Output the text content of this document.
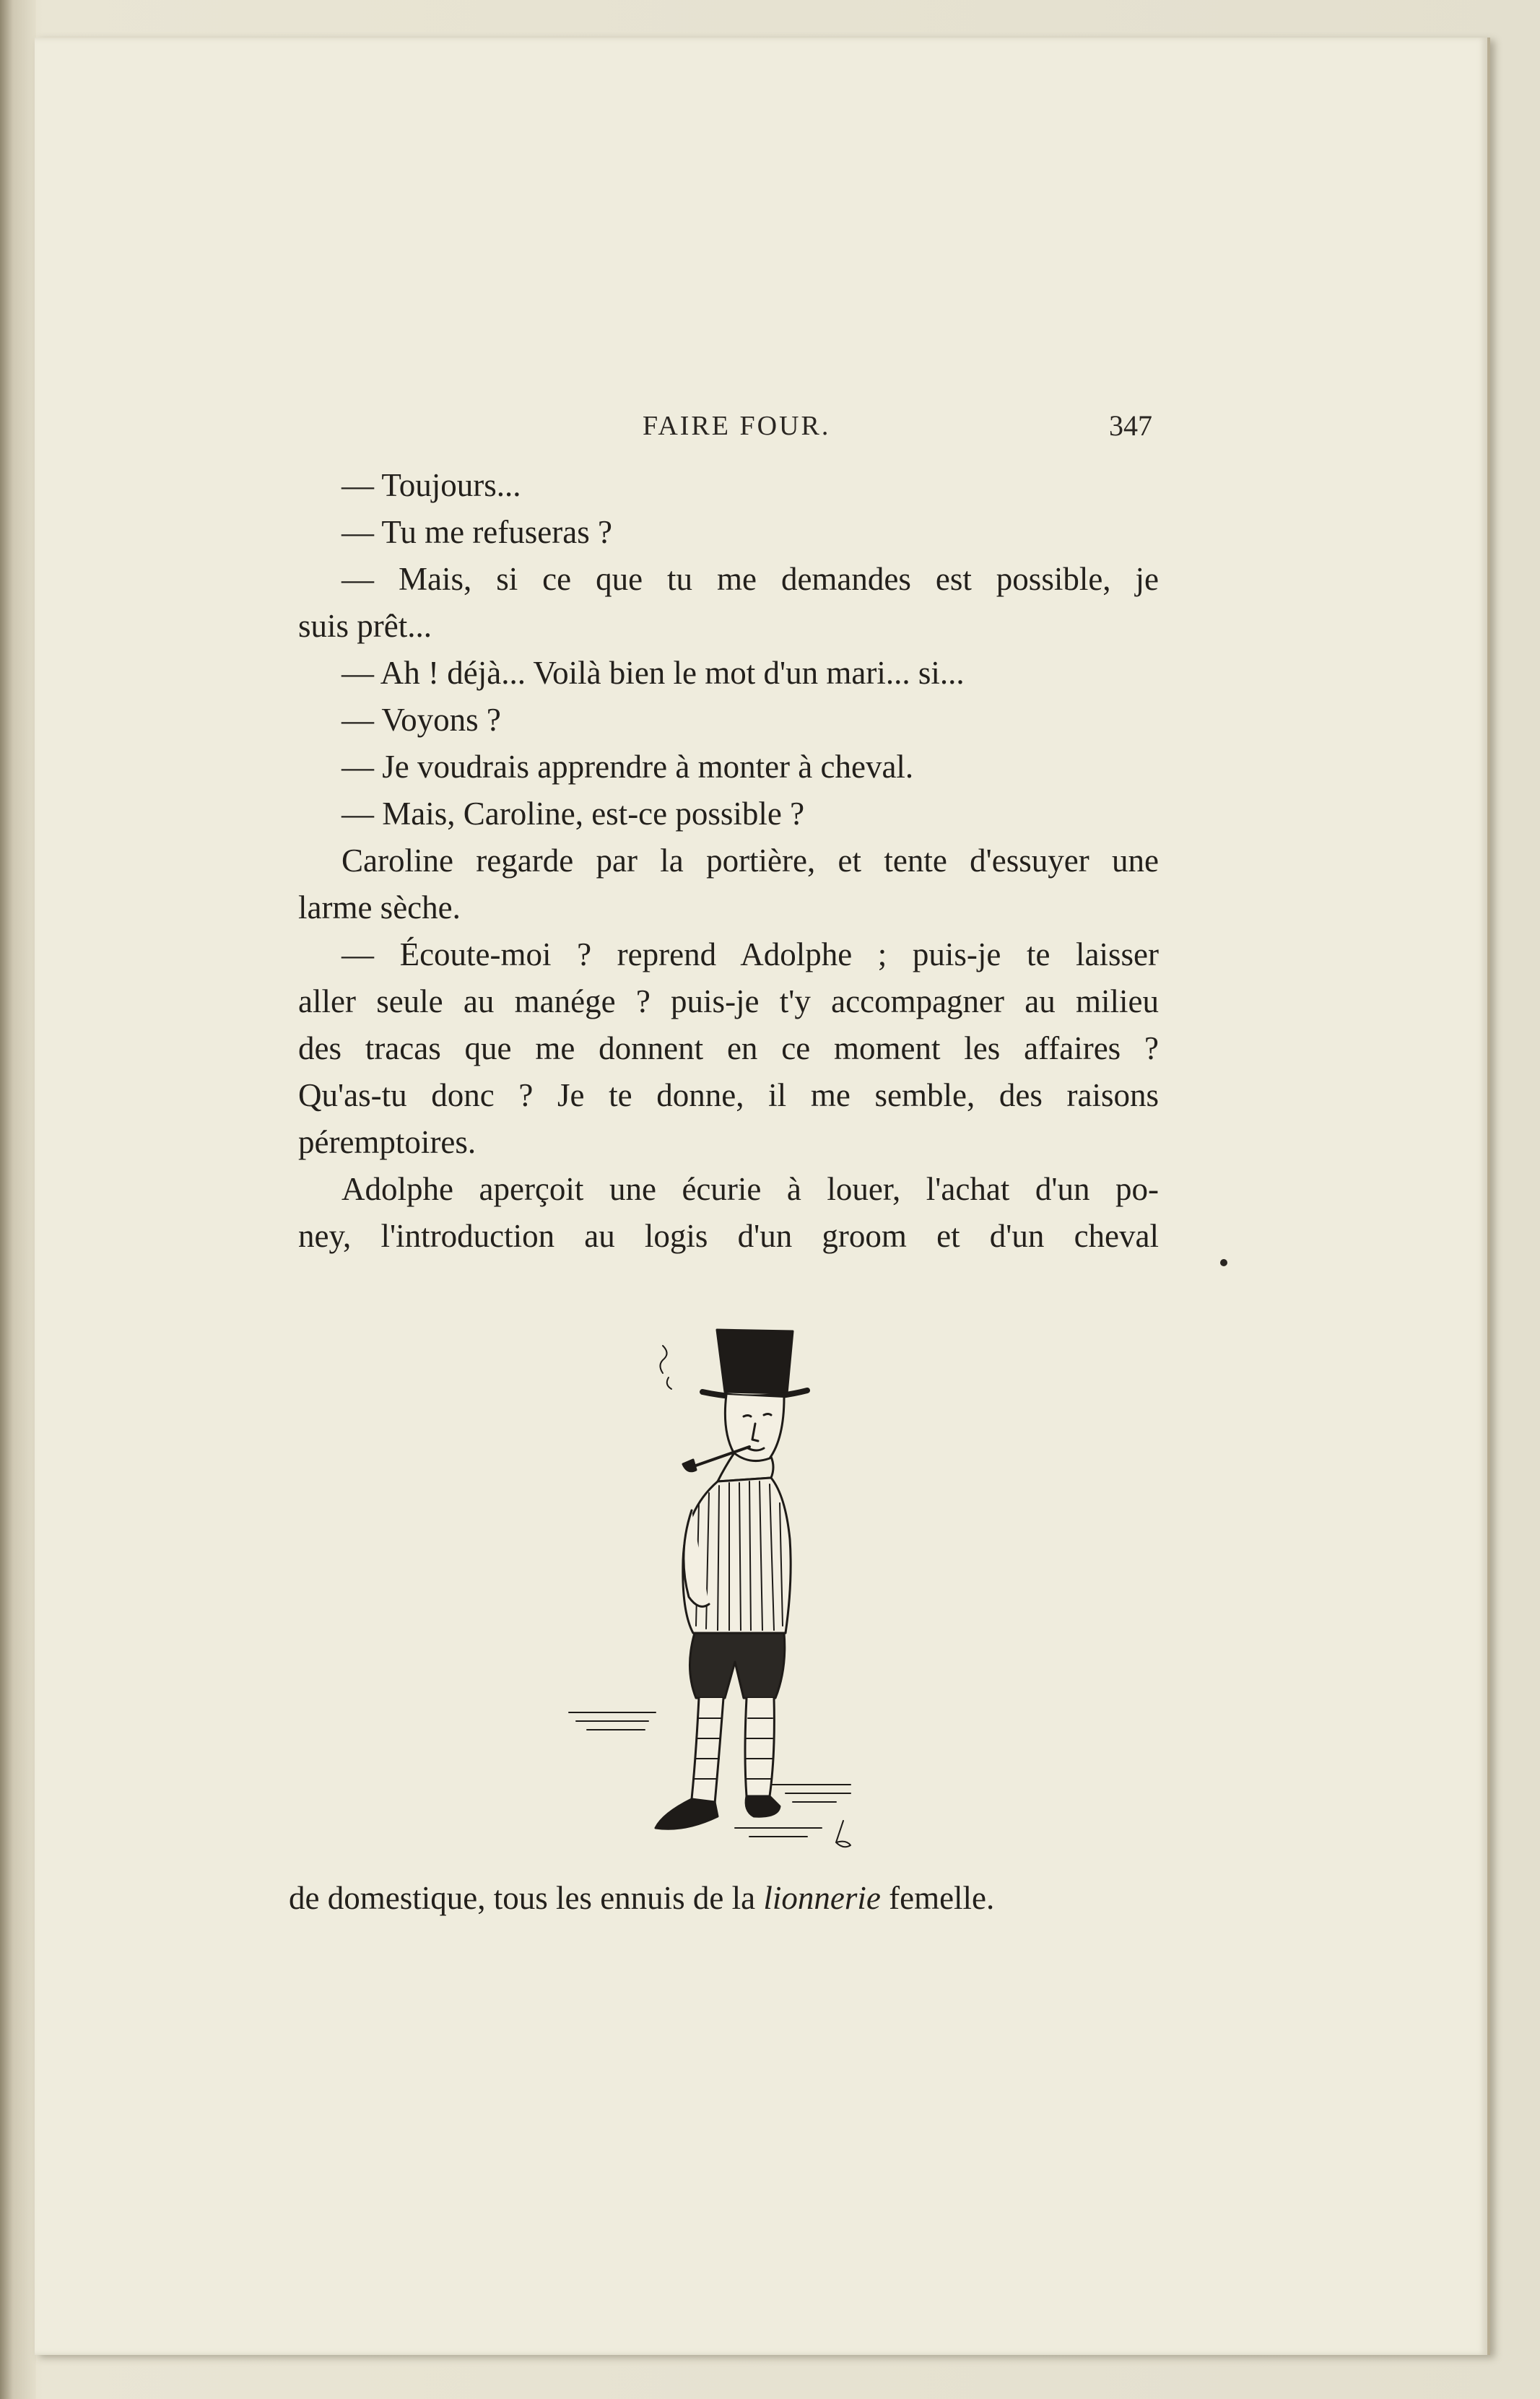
FAIRE FOUR.	347

— Toujours...

— Tu me refuseras ?

— Mais, si ce que tu me demandes est possible, je
suis prêt...

— Ah ! déjà... Voilà bien le mot d'un mari... si...

— Voyons ?

— Je voudrais apprendre à monter à cheval.

— Mais, Caroline, est-ce possible ?

Caroline regarde par la portière, et tente d'essuyer une
larme sèche.

— Écoute-moi ? reprend Adolphe ; puis-je te laisser
aller seule au manége ? puis-je t'y accompagner au milieu
des tracas que me donnent en ce moment les affaires ?
Qu'as-tu donc ? Je te donne, il me semble, des raisons
péremptoires.

Adolphe aperçoit une écurie à louer, l'achat d'un po-
ney, l'introduction au logis d'un groom et d'un cheval

de domestique, tous les ennuis de la lionnerie femelle.
